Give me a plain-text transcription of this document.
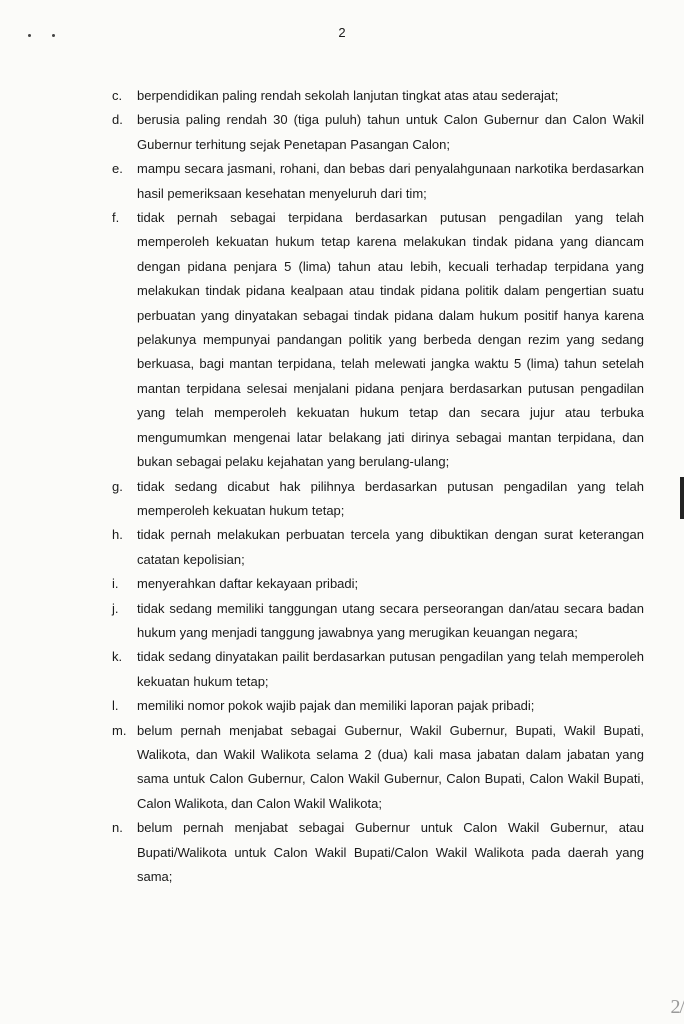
2
2/
c.	berpendidikan paling rendah sekolah lanjutan tingkat atas atau sederajat;
d.	berusia paling rendah 30 (tiga puluh) tahun untuk Calon Gubernur dan Calon Wakil Gubernur terhitung sejak Penetapan Pasangan Calon;
e.	mampu secara jasmani, rohani, dan bebas dari penyalahgunaan narkotika berdasarkan hasil pemeriksaan kesehatan menyeluruh dari tim;
f.	tidak pernah sebagai terpidana berdasarkan putusan pengadilan yang telah memperoleh kekuatan hukum tetap karena melakukan tindak pidana yang diancam dengan pidana penjara 5 (lima) tahun atau lebih, kecuali terhadap terpidana yang melakukan tindak pidana kealpaan atau tindak pidana politik dalam pengertian suatu perbuatan yang dinyatakan sebagai tindak pidana dalam hukum positif hanya karena pelakunya mempunyai pandangan politik yang berbeda dengan rezim yang sedang berkuasa, bagi mantan terpidana, telah melewati jangka waktu 5 (lima) tahun setelah mantan terpidana selesai menjalani pidana penjara berdasarkan putusan pengadilan yang telah memperoleh kekuatan hukum tetap dan secara jujur atau terbuka mengumumkan mengenai latar belakang jati dirinya sebagai mantan terpidana, dan bukan sebagai pelaku kejahatan yang berulang-ulang;
g.	tidak sedang dicabut hak pilihnya berdasarkan putusan pengadilan yang telah memperoleh kekuatan hukum tetap;
h.	tidak pernah melakukan perbuatan tercela yang dibuktikan dengan surat keterangan catatan kepolisian;
i.	menyerahkan daftar kekayaan pribadi;
j.	tidak sedang memiliki tanggungan utang secara perseorangan dan/atau secara badan hukum yang menjadi tanggung jawabnya yang merugikan keuangan negara;
k.	tidak sedang dinyatakan pailit berdasarkan putusan pengadilan yang telah memperoleh kekuatan hukum tetap;
l.	memiliki nomor pokok wajib pajak dan memiliki laporan pajak pribadi;
m. belum pernah menjabat sebagai Gubernur, Wakil Gubernur, Bupati, Wakil Bupati, Walikota, dan Wakil Walikota selama 2 (dua) kali masa jabatan dalam jabatan yang sama untuk Calon Gubernur, Calon Wakil Gubernur, Calon Bupati, Calon Wakil Bupati, Calon Walikota, dan Calon Wakil Walikota;
n.	belum pernah menjabat sebagai Gubernur untuk Calon Wakil Gubernur, atau Bupati/Walikota untuk Calon Wakil Bupati/Calon Wakil Walikota pada daerah yang sama;
